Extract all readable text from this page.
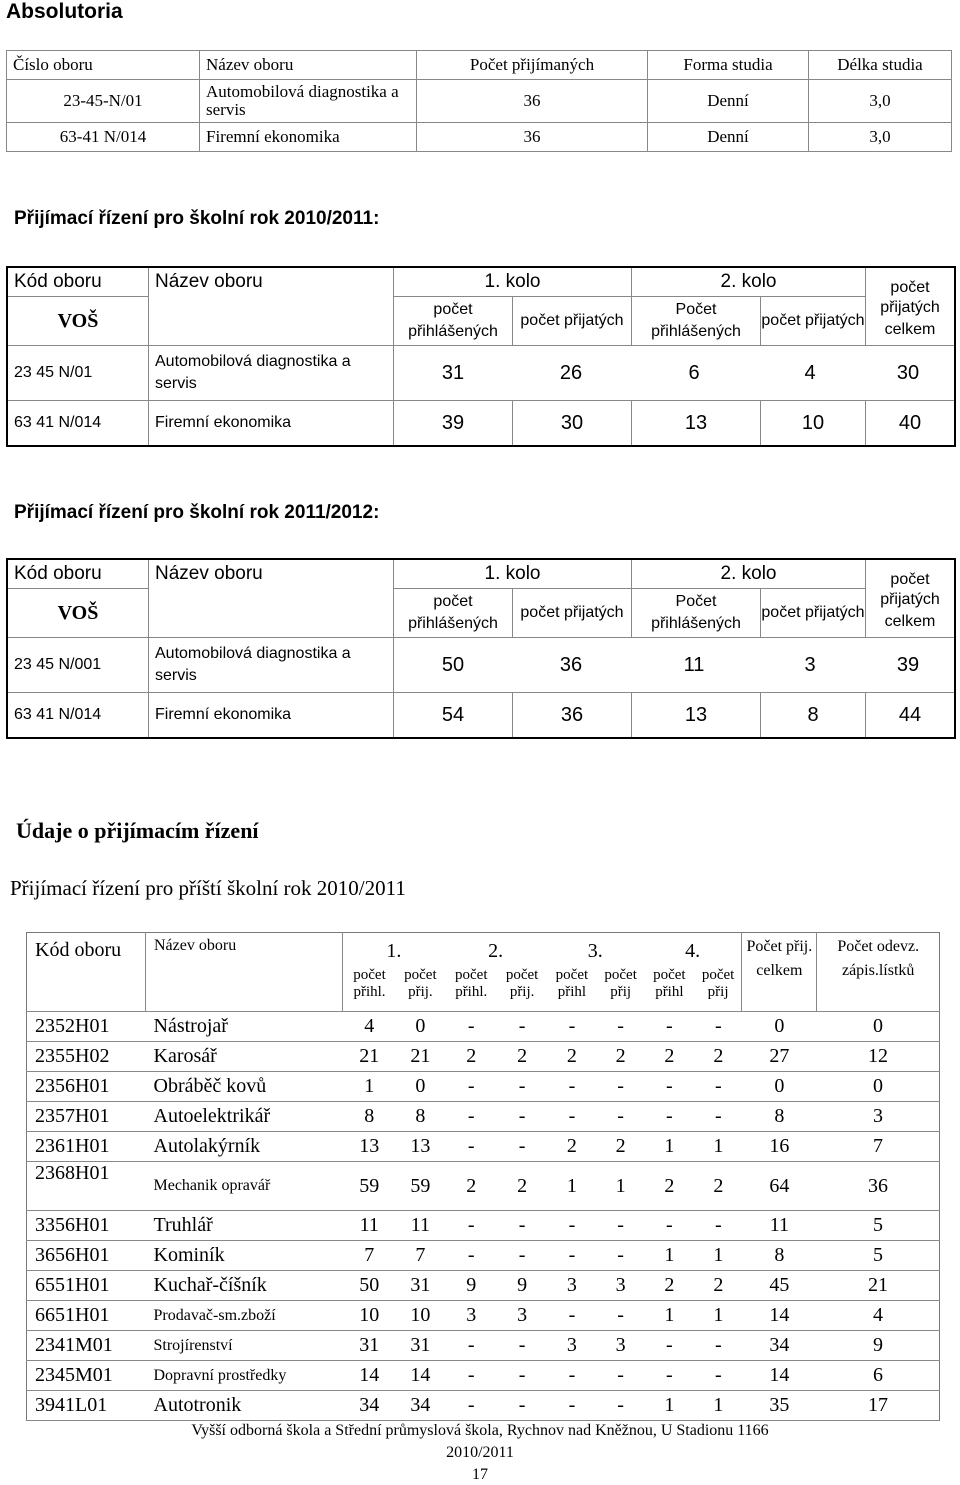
Absolutoria
Číslo oboru	Název oboru	Počet přijímaných	Forma studia	Délka studia
23-45-N/01	Automobilová diagnostika a servis	36	Denní	3,0
63-41 N/014	Firemní ekonomika	36	Denní	3,0
Přijímací řízení pro školní rok 2010/2011:
Kód oboru	Název oboru	1. kolo		2. kolo		počet
VOŠ		počet přihlášených	počet přijatých	Počet přihlášených	počet přijatých	přijatých celkem
23 45 N/01	Automobilová diagnostika a servis	31 26 6 4 30				

63 41 N/014	Firemní ekonomika	39	30	13	10	40
Přijímací řízení pro školní rok 2011/2012:
Kód oboru	Název oboru	1. kolo		2. kolo		počet
VOŠ		počet přihlášených	počet přijatých	Počet přihlášených	počet přijatých	přijatých celkem
23 45 N/001	Automobilová diagnostika a servis	50 36 11 3 39				

63 41 N/014	Firemní ekonomika	54	36	13	8	44
Údaje o přijímacím řízení

Přijímací řízení pro příští školní rok 2010/2011

Kód oboru	Název oboru	1.		2.		3.		4.		Počet přij. celkem	Počet odevz. zápis.lístků
		počet přihl.	počet přij.	počet přihl.	počet přij.	počet přihl	počet přij	počet přihl	počet přij		
2352H01	Nástrojař	4	0	-	-	-	-	-	-	0	0
2355H02	Karosář	21	21	2	2	2	2	2	2	27	12
2356H01	Obráběč kovů	1	0	-	-	-	-	-	-	0	0
2357H01	Autoelektrikář	8	8	-	-	-	-	-	-	8	3
2361H01	Autolakýrník	13	13	-	-	2	2	1	1	16	7
2368H01	Mechanik opravář	59	59	2	2	1	1	2	2	64	36
3356H01	Truhlář	11	11	-	-	-	-	-	-	11	5
3656H01	Kominík	7	7	-	-	-	-	1	1	8	5
6551H01	Kuchař-číšník	50	31	9	9	3	3	2	2	45	21
6651H01	Prodavač-sm.zboží	10	10	3	3	-	-	1	1	14	4
2341M01	Strojírenství	31	31	-	-	3	3	-	-	34	9
2345M01	Dopravní prostředky	14	14	-	-	-	-	-	-	14	6
3941L01	Autotronik	34	34	-	-	-	-	1	1	35	17
Vyšší odborná škola a Střední průmyslová škola, Rychnov nad Kněžnou, U Stadionu 1166
2010/2011
17
